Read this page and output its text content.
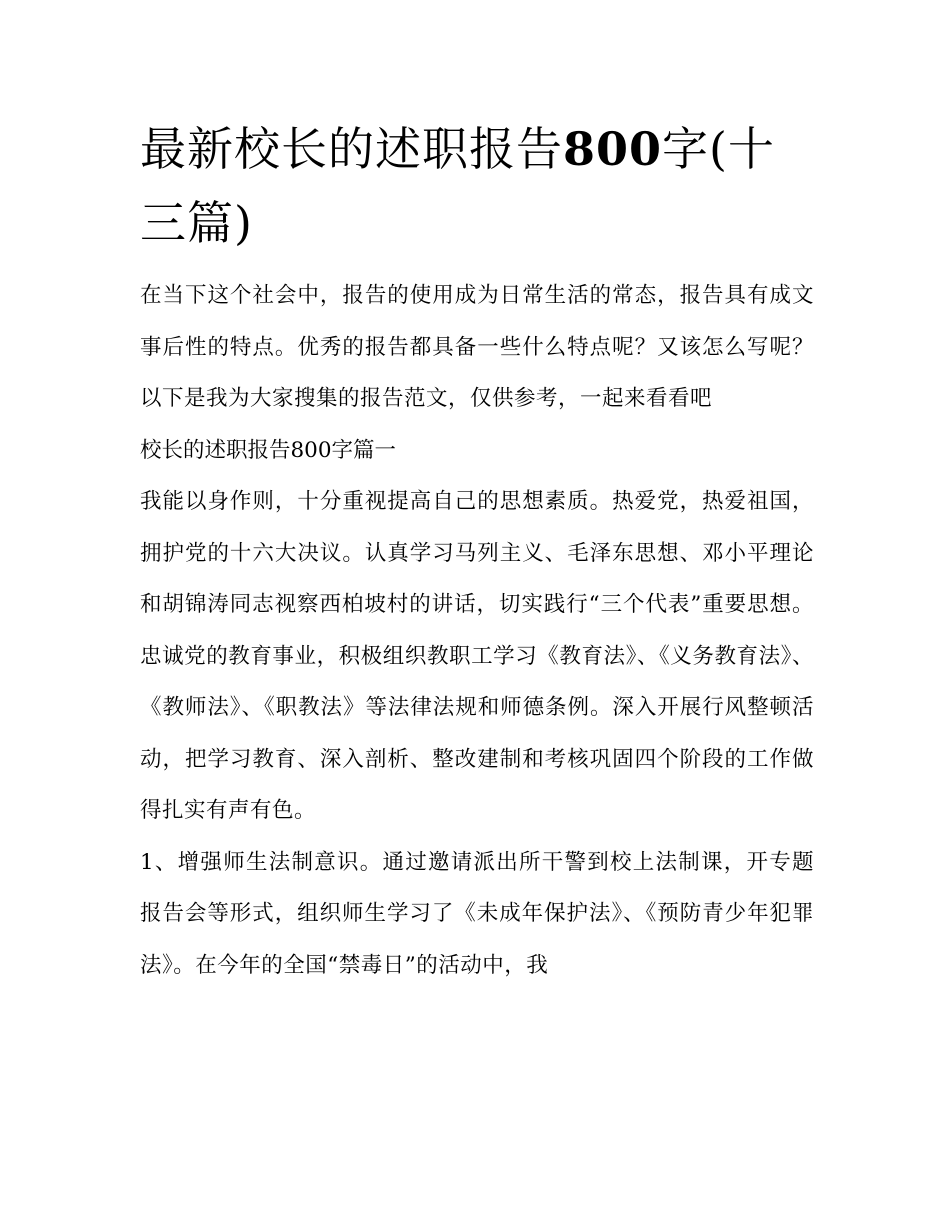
最新校长的述职报告800字(十三篇)

在当下这个社会中，报告的使用成为日常生活的常态，报告具有成文事后性的特点。优秀的报告都具备一些什么特点呢？又该怎么写呢？以下是我为大家搜集的报告范文，仅供参考，一起来看看吧

校长的述职报告800字篇一

我能以身作则，十分重视提高自己的思想素质。热爱党，热爱祖国，拥护党的十六大决议。认真学习马列主义、毛泽东思想、邓小平理论和胡锦涛同志视察西柏坡村的讲话，切实践行“三个代表”重要思想。忠诚党的教育事业，积极组织教职工学习《教育法》、《义务教育法》、《教师法》、《职教法》等法律法规和师德条例。深入开展行风整顿活动，把学习教育、深入剖析、整改建制和考核巩固四个阶段的工作做得扎实有声有色。

1、增强师生法制意识。通过邀请派出所干警到校上法制课，开专题报告会等形式，组织师生学习了《未成年保护法》、《预防青少年犯罪法》。在今年的全国“禁毒日”的活动中，我
